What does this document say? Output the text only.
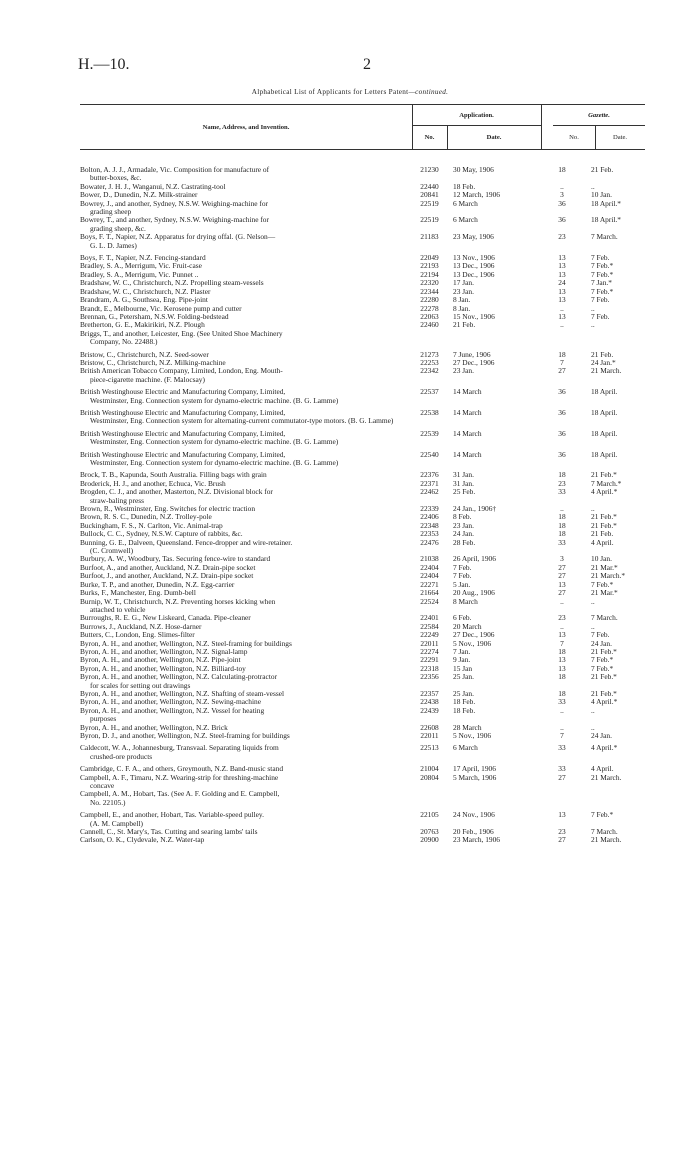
H.—10.	2
Alphabetical List of Applicants for Letters Patent—continued.
Name, Address, and Invention.
Application.
No.	Date.
Gazette.
No.	Date.
Bolton, A. J. J., Armadale, Vic. Composition for manufacture of
butter-boxes, &c.
21230	30 May, 1906	18	21 Feb.
Bowater, J. H. J., Wanganui, N.Z. Castrating-tool	22440	18 Feb.	..	..
Bower, D., Dunedin, N.Z. Milk-strainer	20841	12 March, 1906	3	10 Jan.
Bowrey, J., and another, Sydney, N.S.W. Weighing-machine for
grading sheep
22519	6 March	36	18 April.*
Bowrey, T., and another, Sydney, N.S.W. Weighing-machine for
grading sheep, &c.
22519	6 March	36	18 April.*
Boys, F. T., Napier, N.Z. Apparatus for drying offal. (G. Nelson—
G. L. D. James)
21183	23 May, 1906	23	7 March.
Boys, F. T., Napier, N.Z. Fencing-standard	22049	13 Nov., 1906	13	7 Feb.
Bradley, S. A., Merrigum, Vic. Fruit-case	22193	13 Dec., 1906	13	7 Feb.*
Bradley, S. A., Merrigum, Vic. Punnet ..	22194	13 Dec., 1906	13	7 Feb.*
Bradshaw, W. C., Christchurch, N.Z. Propelling steam-vessels	22320	17 Jan.	24	7 Jan.*
Bradshaw, W. C., Christchurch, N.Z. Plaster	22344	23 Jan.	13	7 Feb.*
Brandram, A. G., Southsea, Eng. Pipe-joint	22280	8 Jan.	13	7 Feb.
Brandt, E., Melbourne, Vic. Kerosene pump and cutter	22278	8 Jan.	..	..
Brennan, G., Petersham, N.S.W. Folding-bedstead	22063	15 Nov., 1906	13	7 Feb.
Bretherton, G. E., Makirikiri, N.Z. Plough	22460	21 Feb.	..	..
Briggs, T., and another, Leicester, Eng. (See United Shoe Machinery
Company, No. 22488.)
Bristow, C., Christchurch, N.Z. Seed-sower	21273	7 June, 1906	18	21 Feb.
Bristow, C., Christchurch, N.Z. Milking-machine	22253	27 Dec., 1906	7	24 Jan.*
British American Tobacco Company, Limited, London, Eng. Mouth-
piece-cigarette machine. (F. Malocsay)
22342	23 Jan.	27	21 March.
British Westinghouse Electric and Manufacturing Company, Limited,
Westminster, Eng. Connection system for dynamo-electric machine. (B. G. Lamme)
22537	14 March	36	18 April.
British Westinghouse Electric and Manufacturing Company, Limited,
Westminster, Eng. Connection system for alternating-current commutator-type motors. (B. G. Lamme)
22538	14 March	36	18 April.
British Westinghouse Electric and Manufacturing Company, Limited,
Westminster, Eng. Connection system for dynamo-electric machine. (B. G. Lamme)
22539	14 March	36	18 April.
British Westinghouse Electric and Manufacturing Company, Limited,
Westminster, Eng. Connection system for dynamo-electric machine. (B. G. Lamme)
22540	14 March	36	18 April.
Brock, T. B., Kapunda, South Australia. Filling bags with grain	22376	31 Jan.	18	21 Feb.*
Broderick, H. J., and another, Echuca, Vic. Brush	22371	31 Jan.	23	7 March.*
Brogden, C. J., and another, Masterton, N.Z. Divisional block for
straw-baling press
22462	25 Feb.	33	4 April.*
Brown, R., Westminster, Eng. Switches for electric traction	22339	24 Jan., 1906†	..	..
Brown, R. S. C., Dunedin, N.Z. Trolley-pole	22406	8 Feb.	18	21 Feb.*
Buckingham, F. S., N. Carlton, Vic. Animal-trap	22348	23 Jan.	18	21 Feb.*
Bullock, C. C., Sydney, N.S.W. Capture of rabbits, &c.	22353	24 Jan.	18	21 Feb.
Bunning, G. E., Dalveen, Queensland. Fence-dropper and wire-retainer.
(C. Cromwell)
22476	28 Feb.	33	4 April.
Burbury, A. W., Woodbury, Tas. Securing fence-wire to standard	21038	26 April, 1906	3	10 Jan.
Burfoot, A., and another, Auckland, N.Z. Drain-pipe socket	22404	7 Feb.	27	21 Mar.*
Burfoot, J., and another, Auckland, N.Z. Drain-pipe socket	22404	7 Feb.	27	21 March.*
Burke, T. P., and another, Dunedin, N.Z. Egg-carrier	22271	5 Jan.	13	7 Feb.*
Burks, F., Manchester, Eng. Dumb-bell	21664	20 Aug., 1906	27	21 Mar.*
Burnip, W. T., Christchurch, N.Z. Preventing horses kicking when
attached to vehicle
22524	8 March	..	..
Burroughs, R. E. G., New Liskeard, Canada. Pipe-cleaner	22401	6 Feb.	23	7 March.
Burrows, J., Auckland, N.Z. Hose-darner	22584	20 March	..	..
Butters, C., London, Eng. Slimes-filter	22249	27 Dec., 1906	13	7 Feb.
Byron, A. H., and another, Wellington, N.Z. Steel-framing for buildings	22011	5 Nov., 1906	7	24 Jan.
Byron, A. H., and another, Wellington, N.Z. Signal-lamp	22274	7 Jan.	18	21 Feb.*
Byron, A. H., and another, Wellington, N.Z. Pipe-joint	22291	9 Jan.	13	7 Feb.*
Byron, A. H., and another, Wellington, N.Z. Billiard-toy	22318	15 Jan	13	7 Feb.*
Byron, A. H., and another, Wellington, N.Z. Calculating-protractor
for scales for setting out drawings
22356	25 Jan.	18	21 Feb.*
Byron, A. H., and another, Wellington, N.Z. Shafting of steam-vessel	22357	25 Jan.	18	21 Feb.*
Byron, A. H., and another, Wellington, N.Z. Sewing-machine	22438	18 Feb.	33	4 April.*
Byron, A. H., and another, Wellington, N.Z. Vessel for heating
purposes
22439	18 Feb.	..	..
Byron, A. H., and another, Wellington, N.Z. Brick	22608	28 March	..	..
Byron, D. J., and another, Wellington, N.Z. Steel-framing for buildings	22011	5 Nov., 1906	7	24 Jan.
Caldecott, W. A., Johannesburg, Transvaal. Separating liquids from
crushed-ore products
22513	6 March	33	4 April.*
Cambridge, C. F. A., and others, Greymouth, N.Z. Band-music stand	21004	17 April, 1906	33	4 April.
Campbell, A. F., Timaru, N.Z. Wearing-strip for threshing-machine
concave
20804	5 March, 1906	27	21 March.
Campbell, A. M., Hobart, Tas. (See A. F. Golding and E. Campbell,
No. 22105.)
Campbell, E., and another, Hobart, Tas. Variable-speed pulley.
(A. M. Campbell)
22105	24 Nov., 1906	13	7 Feb.*
Cannell, C., St. Mary's, Tas. Cutting and searing lambs' tails	20763	20 Feb., 1906	23	7 March.
Carlson, O. K., Clydevale, N.Z. Water-tap	20900	23 March, 1906	27	21 March.
